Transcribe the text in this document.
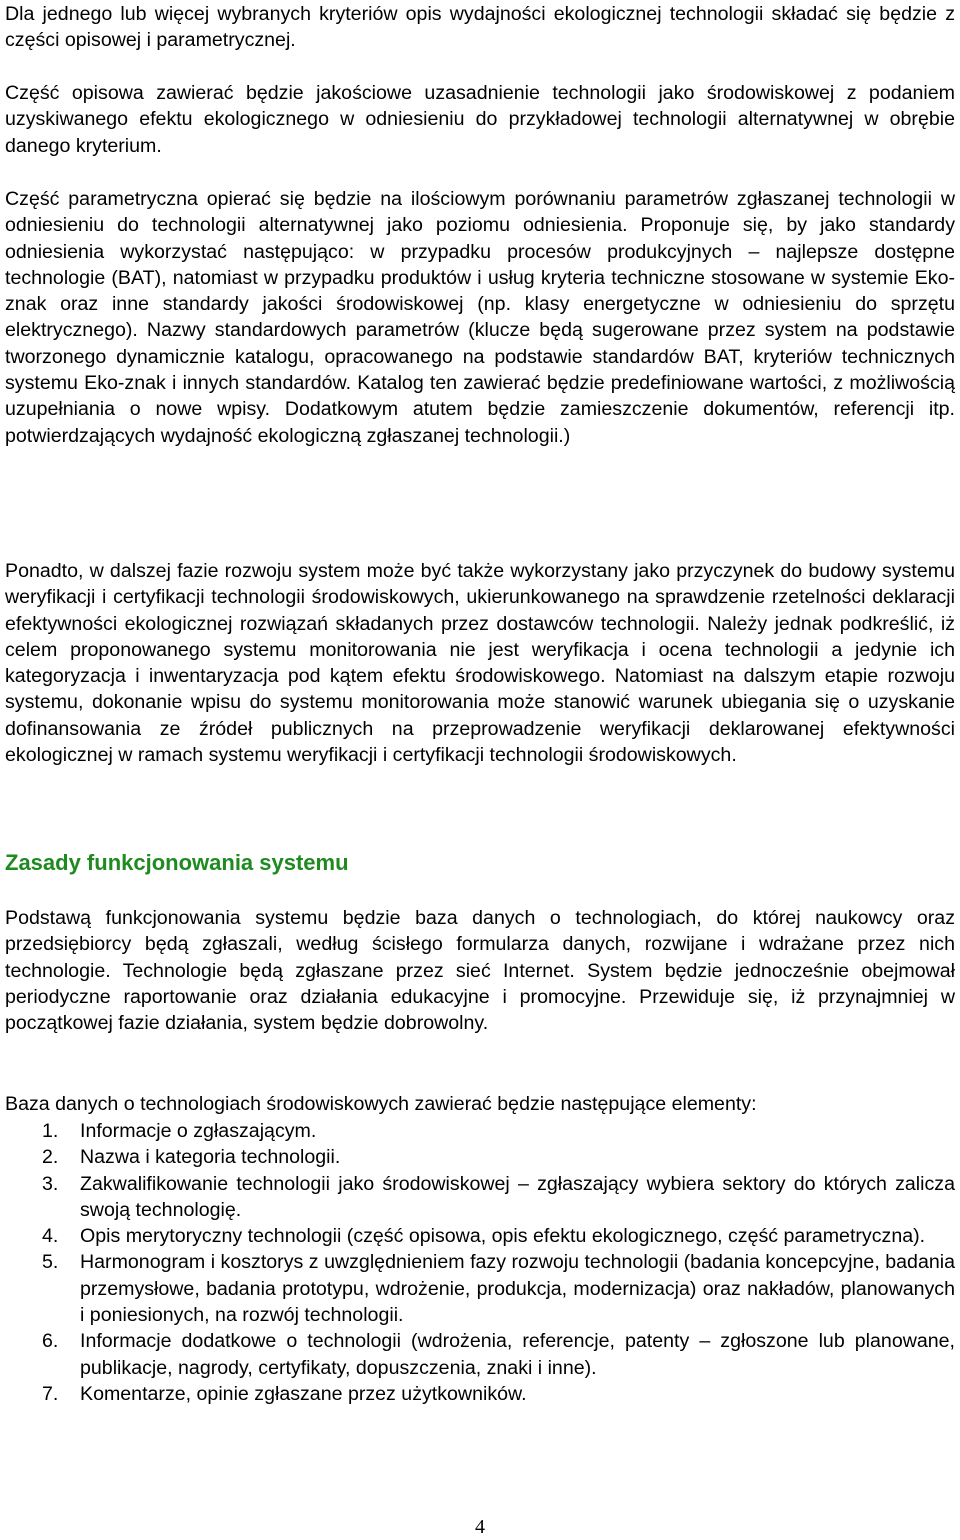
Dla jednego lub więcej wybranych kryteriów opis wydajności ekologicznej technologii składać się będzie z części opisowej i parametrycznej.

Część opisowa zawierać będzie jakościowe uzasadnienie technologii jako środowiskowej z podaniem uzyskiwanego efektu ekologicznego w odniesieniu do przykładowej technologii alternatywnej w obrębie danego kryterium.

Część parametryczna opierać się będzie na ilościowym porównaniu parametrów zgłaszanej technologii w odniesieniu do technologii alternatywnej jako poziomu odniesienia. Proponuje się, by jako standardy odniesienia wykorzystać następująco: w przypadku procesów produkcyjnych – najlepsze dostępne technologie (BAT), natomiast w przypadku produktów i usług kryteria techniczne stosowane w systemie Eko-znak oraz inne standardy jakości środowiskowej (np. klasy energetyczne w odniesieniu do sprzętu elektrycznego). Nazwy standardowych parametrów (klucze będą sugerowane przez system na podstawie tworzonego dynamicznie katalogu, opracowanego na podstawie standardów BAT, kryteriów technicznych systemu Eko-znak i innych standardów. Katalog ten zawierać będzie predefiniowane wartości, z możliwością uzupełniania o nowe wpisy. Dodatkowym atutem będzie zamieszczenie dokumentów, referencji itp. potwierdzających wydajność ekologiczną zgłaszanej technologii.)

Ponadto, w dalszej fazie rozwoju system może być także wykorzystany jako przyczynek do budowy systemu weryfikacji i certyfikacji technologii środowiskowych, ukierunkowanego na sprawdzenie rzetelności deklaracji efektywności ekologicznej rozwiązań składanych przez dostawców technologii. Należy jednak podkreślić, iż celem proponowanego systemu monitorowania nie jest weryfikacja i ocena technologii a jedynie ich kategoryzacja i inwentaryzacja pod kątem efektu środowiskowego. Natomiast na dalszym etapie rozwoju systemu, dokonanie wpisu do systemu monitorowania może stanowić warunek ubiegania się o uzyskanie dofinansowania ze źródeł publicznych na przeprowadzenie weryfikacji deklarowanej efektywności ekologicznej w ramach systemu weryfikacji i certyfikacji technologii środowiskowych.

Zasady funkcjonowania systemu

Podstawą funkcjonowania systemu będzie baza danych o technologiach, do której naukowcy oraz przedsiębiorcy będą zgłaszali, według ścisłego formularza danych, rozwijane i wdrażane przez nich technologie. Technologie będą zgłaszane przez sieć Internet. System będzie jednocześnie obejmował periodyczne raportowanie oraz działania edukacyjne i promocyjne. Przewiduje się, iż przynajmniej w początkowej fazie działania, system będzie dobrowolny.

Baza danych o technologiach środowiskowych zawierać będzie następujące elementy:

1.	Informacje o zgłaszającym.
2.	Nazwa i kategoria technologii.
3.	Zakwalifikowanie technologii jako środowiskowej – zgłaszający wybiera sektory do których zalicza swoją technologię.
4.	Opis merytoryczny technologii (część opisowa, opis efektu ekologicznego, część parametryczna).
5.	Harmonogram i kosztorys z uwzględnieniem fazy rozwoju technologii (badania koncepcyjne, badania przemysłowe, badania prototypu, wdrożenie, produkcja, modernizacja) oraz nakładów, planowanych i poniesionych, na rozwój technologii.
6.	Informacje dodatkowe o technologii (wdrożenia, referencje, patenty – zgłoszone lub planowane, publikacje, nagrody, certyfikaty, dopuszczenia, znaki i inne).
7.	Komentarze, opinie zgłaszane przez użytkowników.
4
